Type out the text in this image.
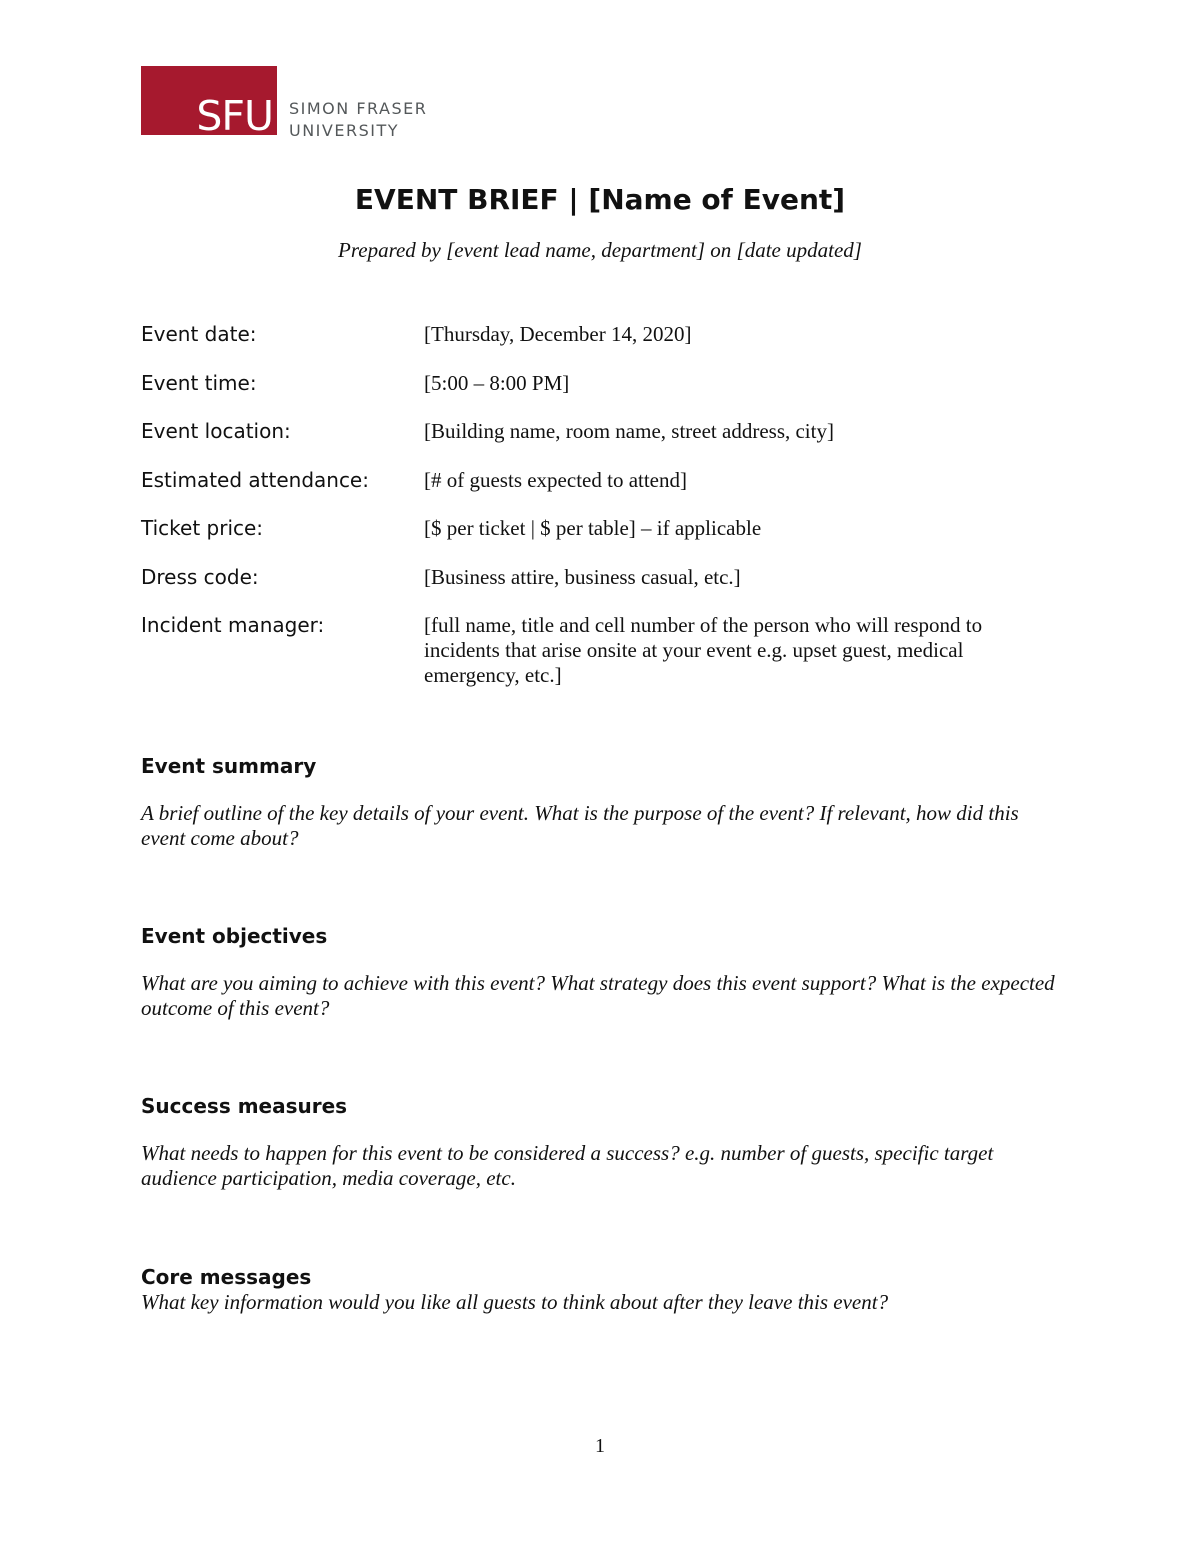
SFU SIMON FRASER
UNIVERSITY
EVENT BRIEF | [Name of Event]
Prepared by [event lead name, department] on [date updated]
Event date:	[Thursday, December 14, 2020]
Event time:	[5:00 – 8:00 PM]
Event location:	[Building name, room name, street address, city]
Estimated attendance:	[# of guests expected to attend]
Ticket price:	[$ per ticket | $ per table] – if applicable
Dress code:	[Business attire, business casual, etc.]
Incident manager:	[full name, title and cell number of the person who will respond to incidents that arise onsite at your event e.g. upset guest, medical emergency, etc.]
Event summary
A brief outline of the key details of your event. What is the purpose of the event? If relevant, how did this event come about?
Event objectives
What are you aiming to achieve with this event? What strategy does this event support? What is the expected outcome of this event?
Success measures
What needs to happen for this event to be considered a success? e.g. number of guests, specific target audience participation, media coverage, etc.
Core messages
What key information would you like all guests to think about after they leave this event?
1
